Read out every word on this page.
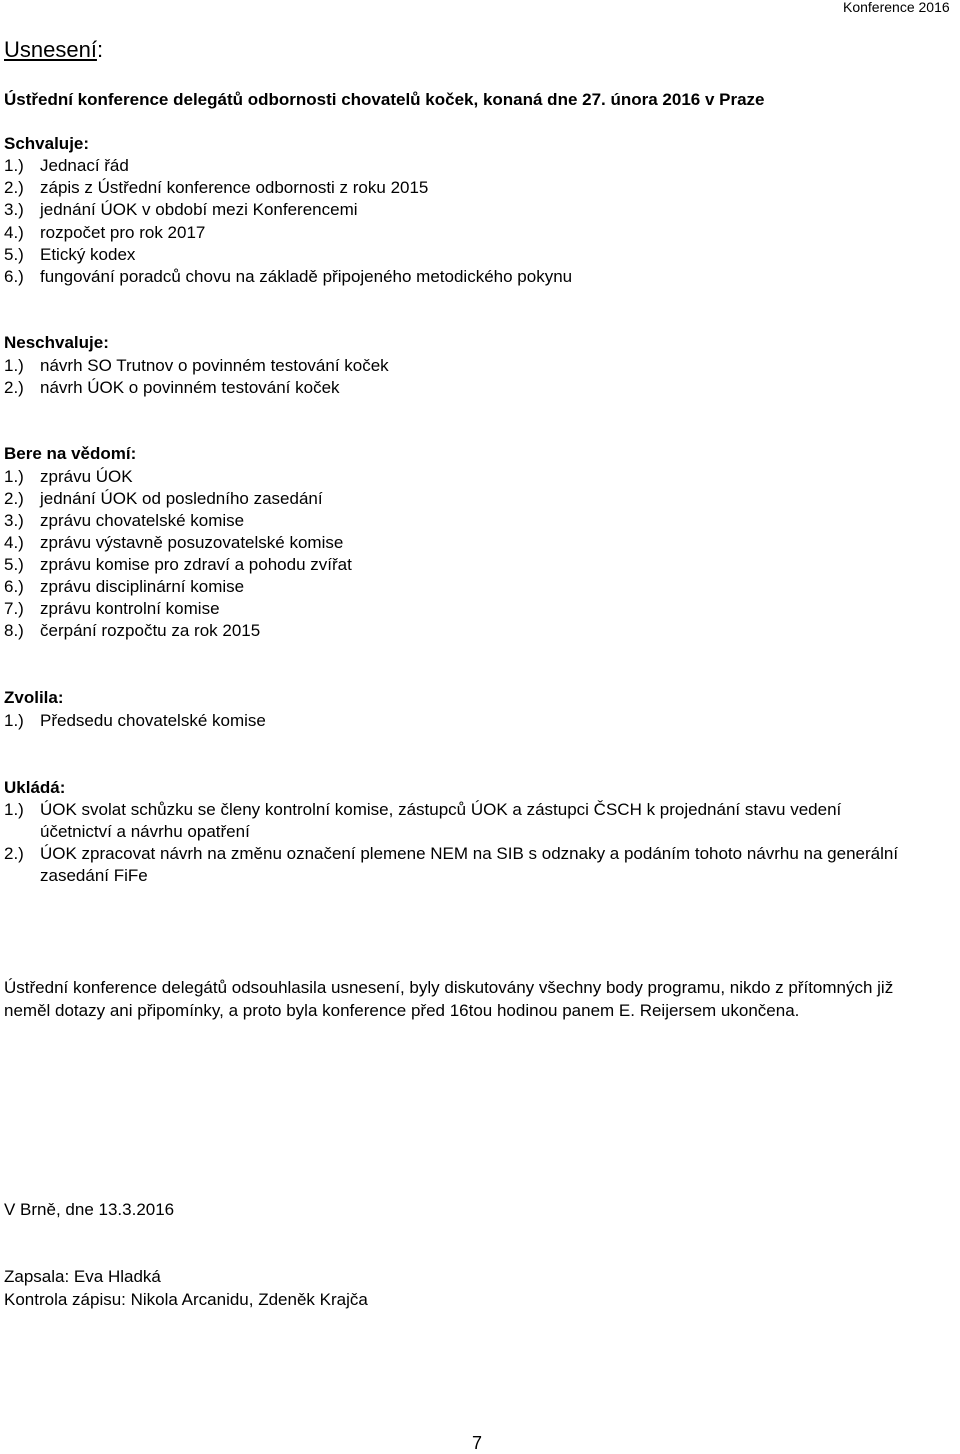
Konference 2016
Usnesení:
Ústřední konference delegátů odbornosti chovatelů koček, konaná dne 27. února 2016 v Praze
Schvaluje:
1.) Jednací řád
2.) zápis z Ústřední konference odbornosti z roku 2015
3.) jednání ÚOK v období mezi Konferencemi
4.) rozpočet pro rok 2017
5.) Etický kodex
6.) fungování poradců chovu na základě připojeného metodického pokynu
Neschvaluje:
1.) návrh SO Trutnov o povinném testování koček
2.) návrh ÚOK o povinném testování koček
Bere na vědomí:
1.) zprávu ÚOK
2.) jednání ÚOK od posledního zasedání
3.) zprávu chovatelské komise
4.) zprávu výstavně posuzovatelské komise
5.) zprávu komise pro zdraví a pohodu zvířat
6.) zprávu disciplinární komise
7.) zprávu kontrolní komise
8.) čerpání rozpočtu za rok 2015
Zvolila:
1.) Předsedu chovatelské komise
Ukládá:
1.) ÚOK svolat schůzku se členy kontrolní komise, zástupců ÚOK a zástupci ČSCH k projednání stavu vedení účetnictví a návrhu opatření
2.) ÚOK zpracovat návrh na změnu označení plemene NEM na SIB s odznaky a podáním tohoto návrhu na generální zasedání FiFe
Ústřední konference delegátů odsouhlasila usnesení, byly diskutovány všechny body programu, nikdo z přítomných již neměl dotazy ani připomínky, a proto byla konference před 16tou hodinou panem E. Reijersem ukončena.
V Brně, dne 13.3.2016
Zapsala: Eva Hladká
Kontrola zápisu: Nikola Arcanidu, Zdeněk Krajča
7
